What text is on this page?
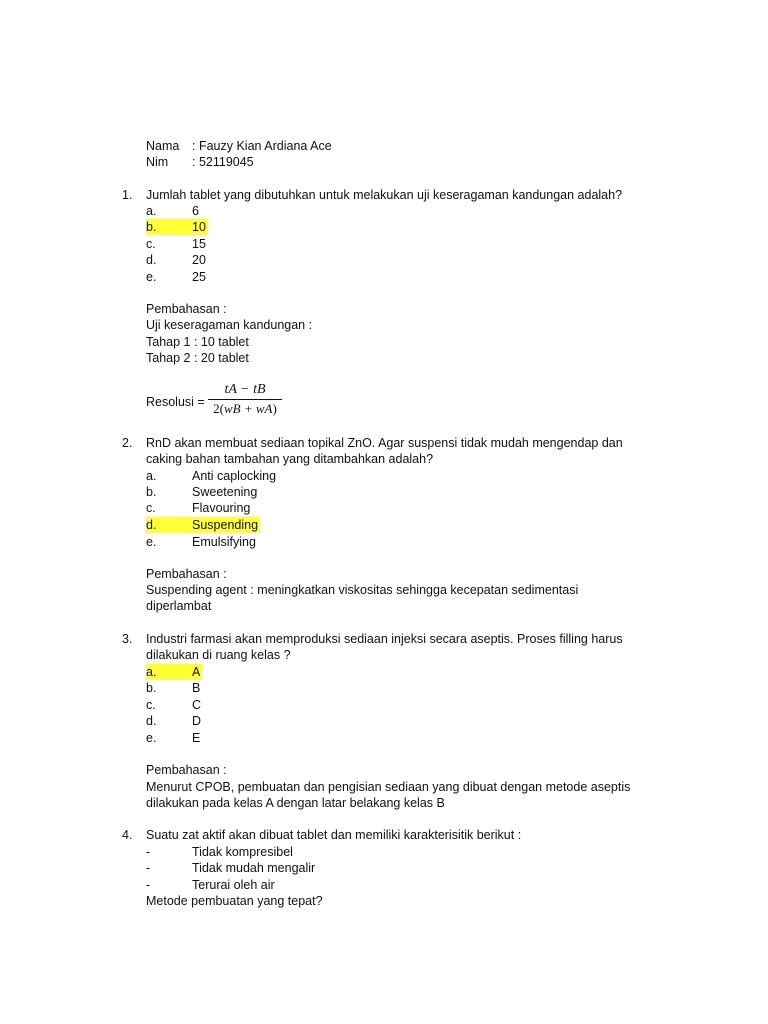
Nama : Fauzy Kian Ardiana Ace
Nim : 52119045
1. Jumlah tablet yang dibutuhkan untuk melakukan uji keseragaman kandungan adalah?
a.	6
b.	10
c.	15
d.	20
e.	25
Pembahasan :
Uji keseragaman kandungan :
Tahap 1 : 10 tablet
Tahap 2 : 20 tablet
Resolusi =
tA − tB
2(wB + wA)
2. RnD akan membuat sediaan topikal ZnO. Agar suspensi tidak mudah mengendap dan
caking bahan tambahan yang ditambahkan adalah?
a.	Anti caplocking
b.	Sweetening
c.	Flavouring
d.	Suspending
e.	Emulsifying
Pembahasan :
Suspending agent : meningkatkan viskositas sehingga kecepatan sedimentasi
diperlambat
3. Industri farmasi akan memproduksi sediaan injeksi secara aseptis. Proses filling harus
dilakukan di ruang kelas ?
a.	A
b.	B
c.	C
d.	D
e.	E
Pembahasan :
Menurut CPOB, pembuatan dan pengisian sediaan yang dibuat dengan metode aseptis
dilakukan pada kelas A dengan latar belakang kelas B
4. Suatu zat aktif akan dibuat tablet dan memiliki karakterisitik berikut :
-	Tidak kompresibel
-	Tidak mudah mengalir
-	Terurai oleh air
Metode pembuatan yang tepat?
